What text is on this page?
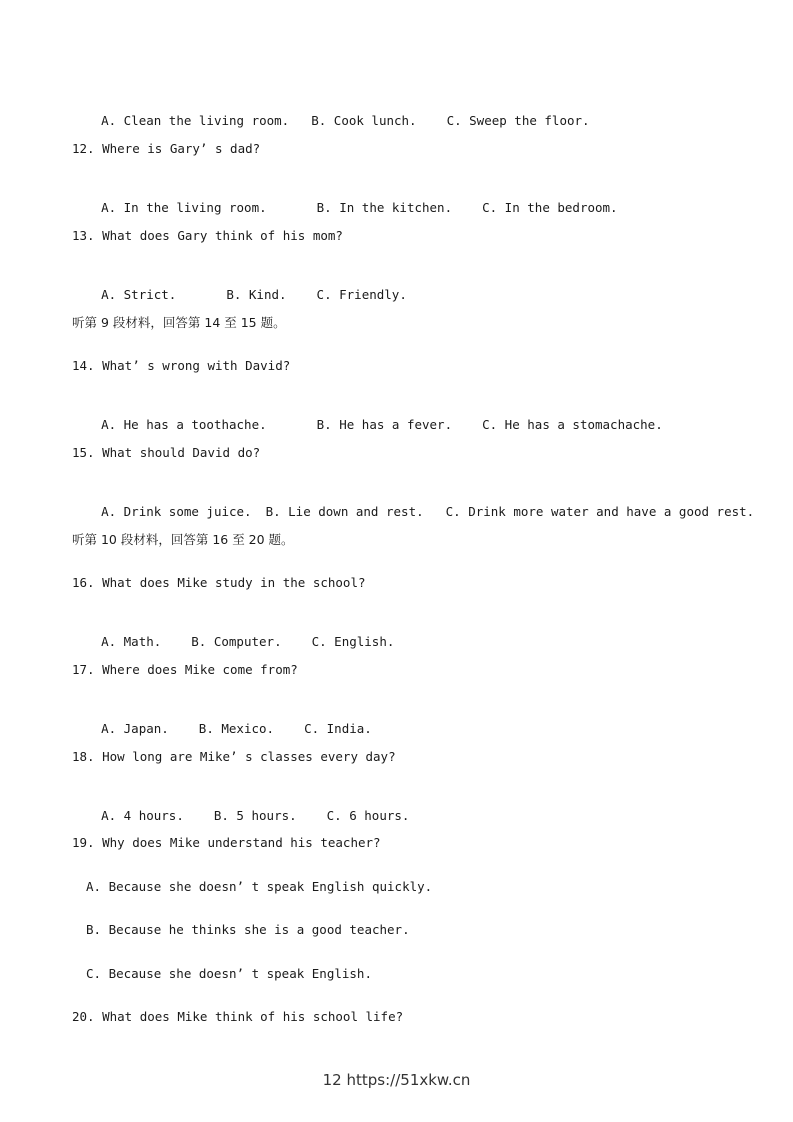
A. Clean the living room. B. Cook lunch. C. Sweep the floor.

12. Where is Gary’ s dad?

A. In the living room.	B. In the kitchen. C. In the bedroom.

13. What does Gary think of his mom?

A. Strict.	B. Kind. C. Friendly.

听第 9 段材料，回答第 14 至 15 题。
14. What’ s wrong with David?

A. He has a toothache.	B. He has a fever. C. He has a stomachache.

15. What should David do?

A. Drink some juice. B. Lie down and rest. C. Drink more water and have a good rest.

听第 10 段材料，回答第 16 至 20 题。
16. What does Mike study in the school?

A. Math. B. Computer. C. English.

17. Where does Mike come from?

A. Japan. B. Mexico. C. India.

18. How long are Mike’ s classes every day?

A. 4 hours. B. 5 hours. C. 6 hours.

19. Why does Mike understand his teacher?
A. Because she doesn’ t speak English quickly.
B. Because he thinks she is a good teacher.
C. Because she doesn’ t speak English.
20. What does Mike think of his school life?
12 https://51xkw.cn
